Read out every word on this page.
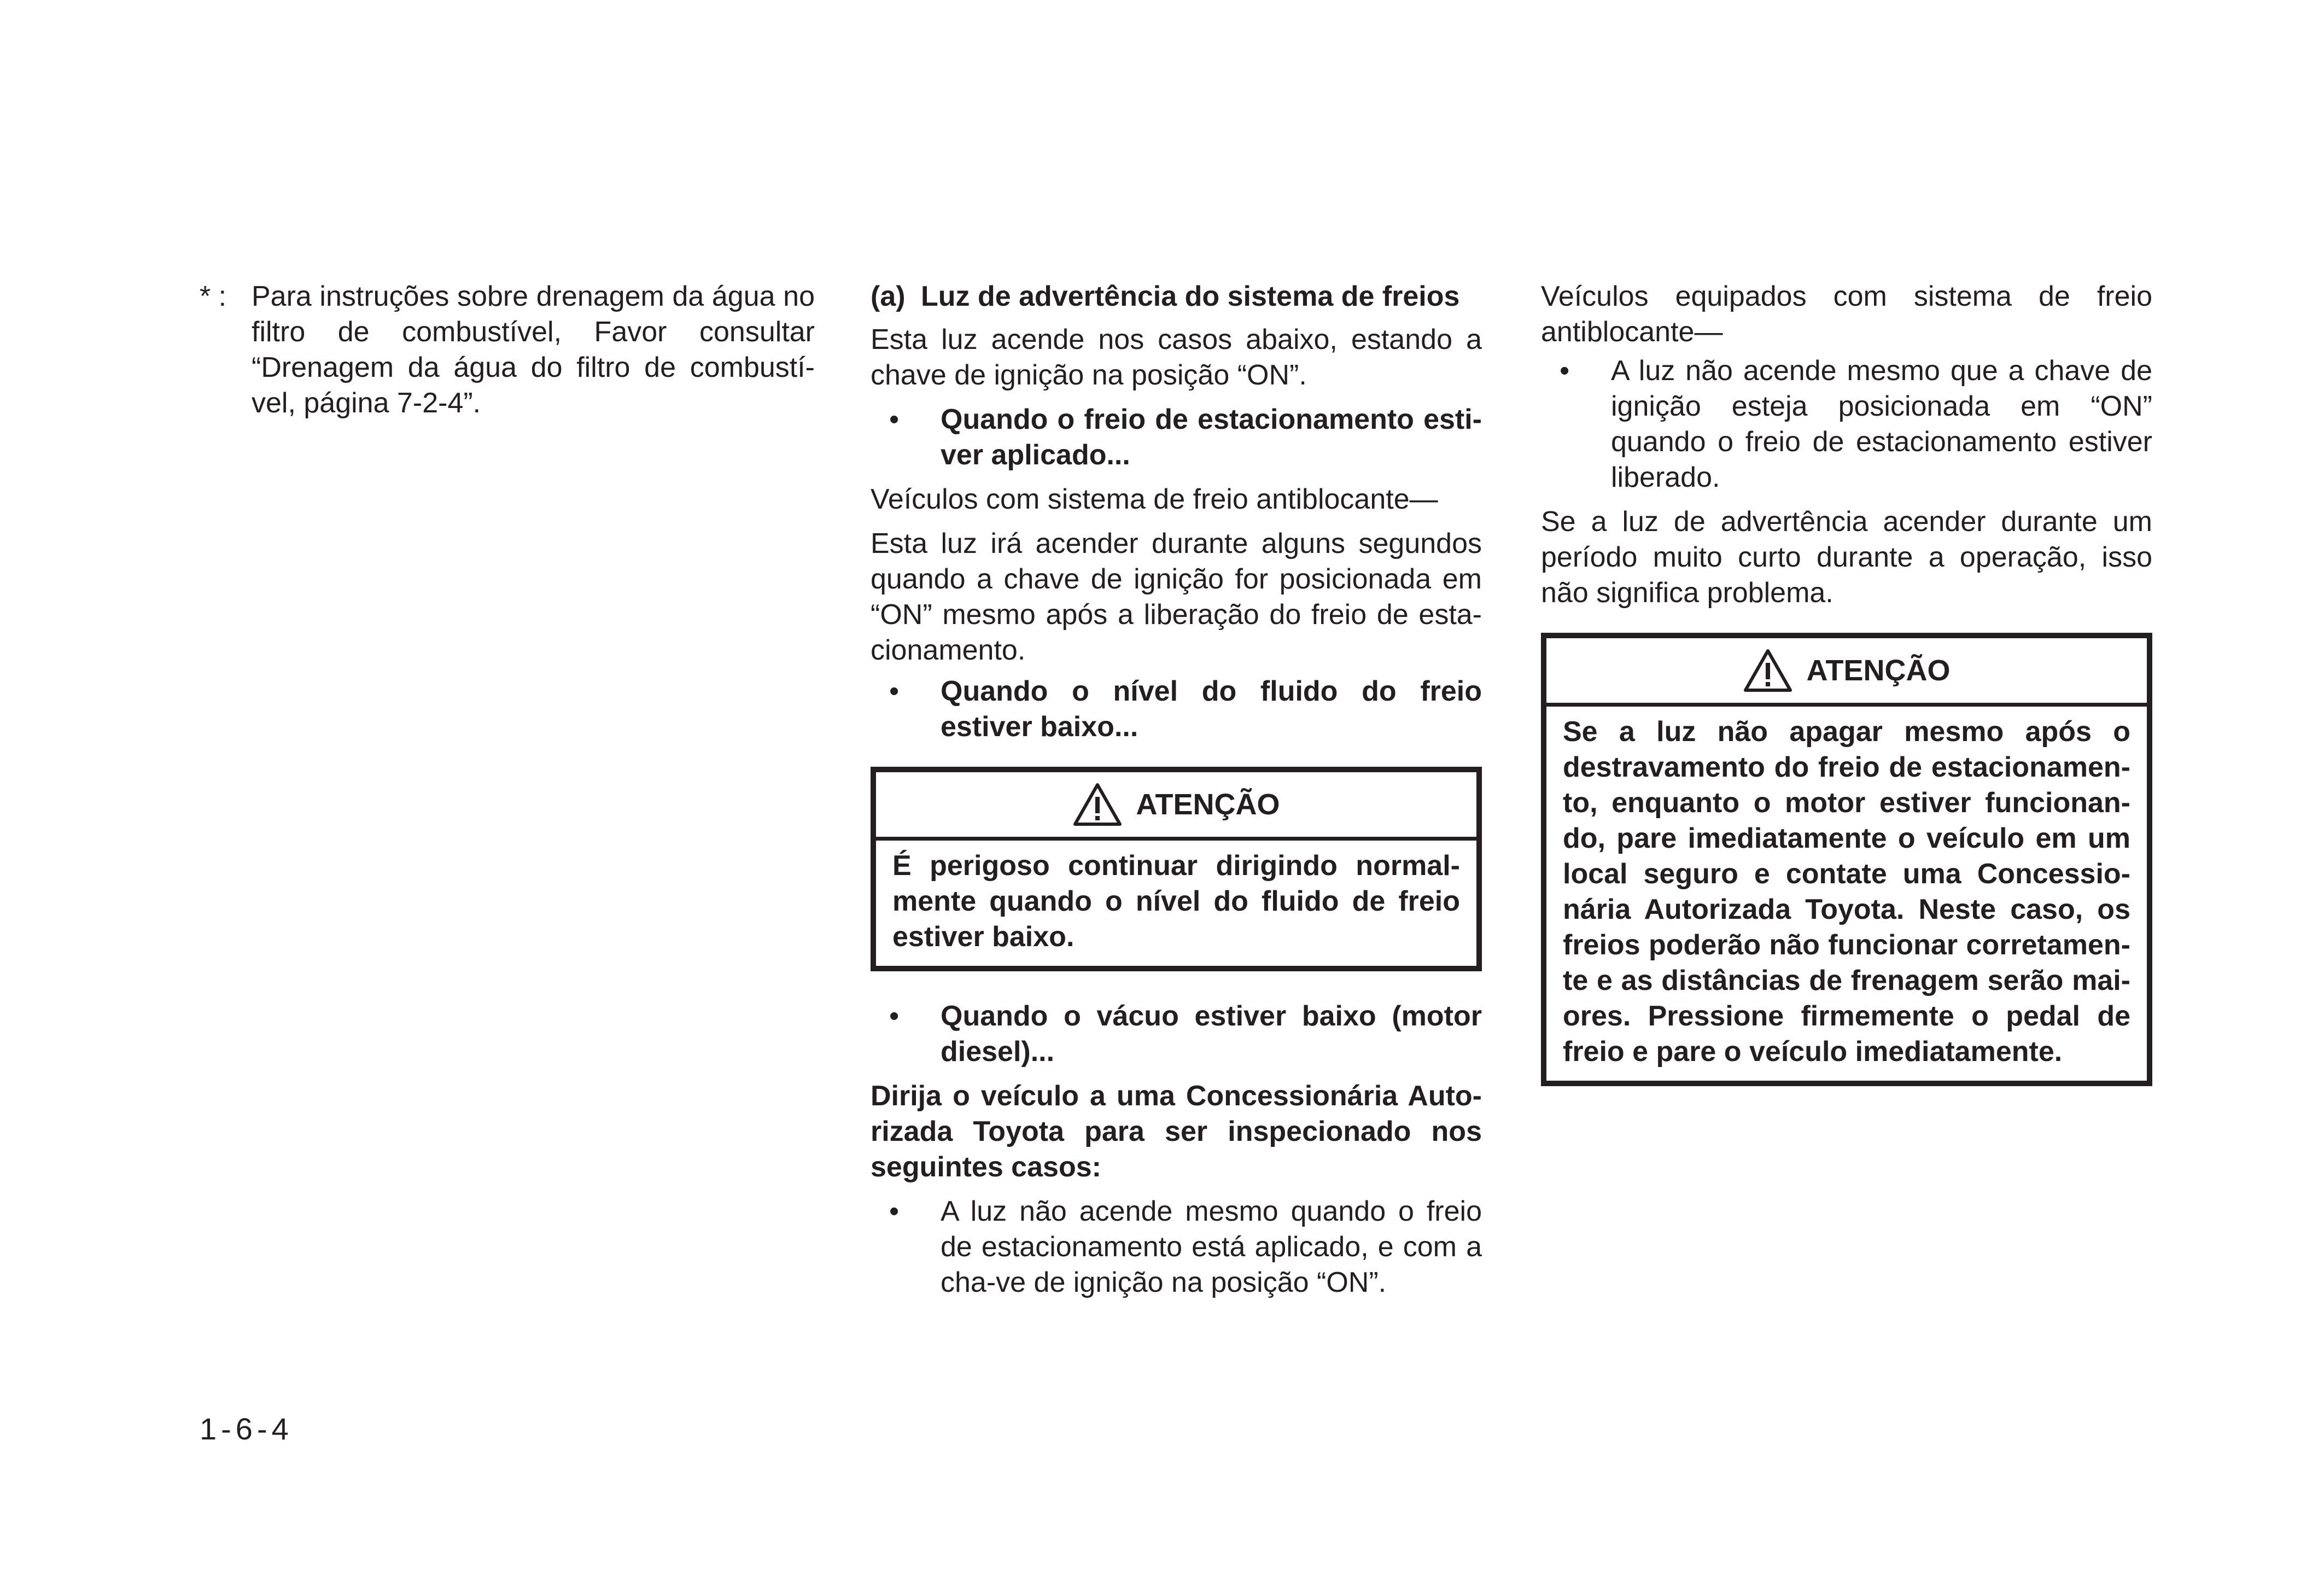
* : Para instruções sobre drenagem da água no filtro de combustível, Favor consultar “Drenagem da água do filtro de combustí-vel, página 7-2-4”.

(a) Luz de advertência do sistema de freios

Esta luz acende nos casos abaixo, estando a chave de ignição na posição “ON”.

•	Quando o freio de estacionamento esti-ver aplicado...

Veículos com sistema de freio antiblocante—

Esta luz irá acender durante alguns segundos quando a chave de ignição for posicionada em “ON” mesmo após a liberação do freio de esta-cionamento.

•	Quando o nível do fluido do freio estiver baixo...
ATENÇÃO
É perigoso continuar dirigindo normal-mente quando o nível do fluido de freio estiver baixo.
•	Quando o vácuo estiver baixo (motor diesel)...

Dirija o veículo a uma Concessionária Auto-rizada Toyota para ser inspecionado nos seguintes casos:

•	A luz não acende mesmo quando o freio de estacionamento está aplicado, e com a cha-ve de ignição na posição “ON”.

Veículos equipados com sistema de freio antiblocante—

•	A luz não acende mesmo que a chave de ignição esteja posicionada em “ON” quando o freio de estacionamento estiver liberado.

Se a luz de advertência acender durante um período muito curto durante a operação, isso não significa problema.

ATENÇÃO
Se a luz não apagar mesmo após o destravamento do freio de estacionamen-to, enquanto o motor estiver funcionan-do, pare imediatamente o veículo em um local seguro e contate uma Concessio-nária Autorizada Toyota. Neste caso, os freios poderão não funcionar corretamen-te e as distâncias de frenagem serão mai-ores. Pressione firmemente o pedal de freio e pare o veículo imediatamente.
1-6-4
